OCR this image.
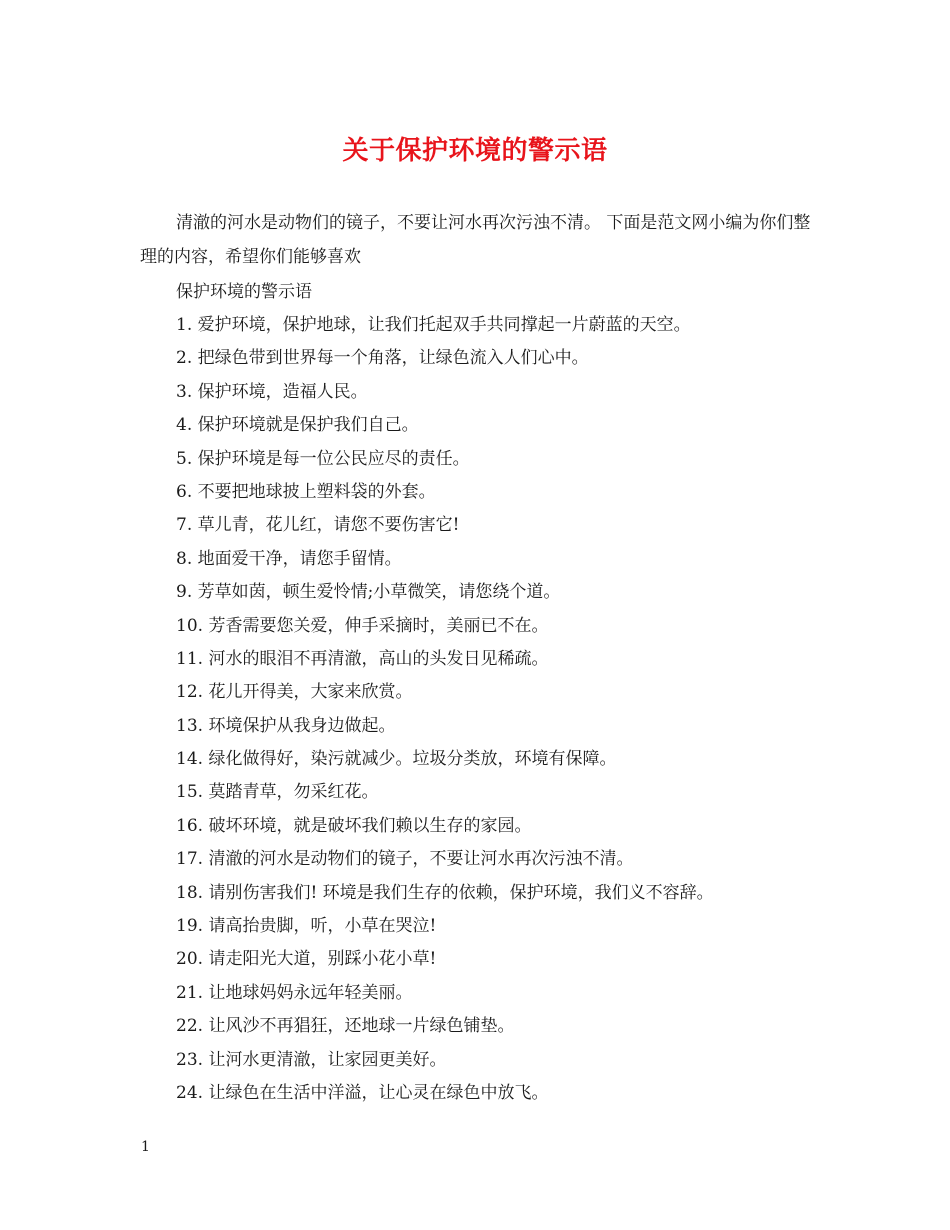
关于保护环境的警示语
清澈的河水是动物们的镜子，不要让河水再次污浊不清。 下面是范文网小编为你们整理的内容，希望你们能够喜欢
保护环境的警示语
1. 爱护环境，保护地球，让我们托起双手共同撑起一片蔚蓝的天空。
2. 把绿色带到世界每一个角落，让绿色流入人们心中。
3. 保护环境，造福人民。
4. 保护环境就是保护我们自己。
5. 保护环境是每一位公民应尽的责任。
6. 不要把地球披上塑料袋的外套。
7. 草儿青，花儿红，请您不要伤害它!
8. 地面爱干净，请您手留情。
9. 芳草如茵，顿生爱怜情;小草微笑，请您绕个道。
10. 芳香需要您关爱，伸手采摘时，美丽已不在。
11. 河水的眼泪不再清澈，高山的头发日见稀疏。
12. 花儿开得美，大家来欣赏。
13. 环境保护从我身边做起。
14. 绿化做得好，染污就减少。垃圾分类放，环境有保障。
15. 莫踏青草，勿采红花。
16. 破坏环境，就是破坏我们赖以生存的家园。
17. 清澈的河水是动物们的镜子，不要让河水再次污浊不清。
18. 请别伤害我们! 环境是我们生存的依赖，保护环境，我们义不容辞。
19. 请高抬贵脚，听，小草在哭泣!
20. 请走阳光大道，别踩小花小草!
21. 让地球妈妈永远年轻美丽。
22. 让风沙不再猖狂，还地球一片绿色铺垫。
23. 让河水更清澈，让家园更美好。
24. 让绿色在生活中洋溢，让心灵在绿色中放飞。
1
